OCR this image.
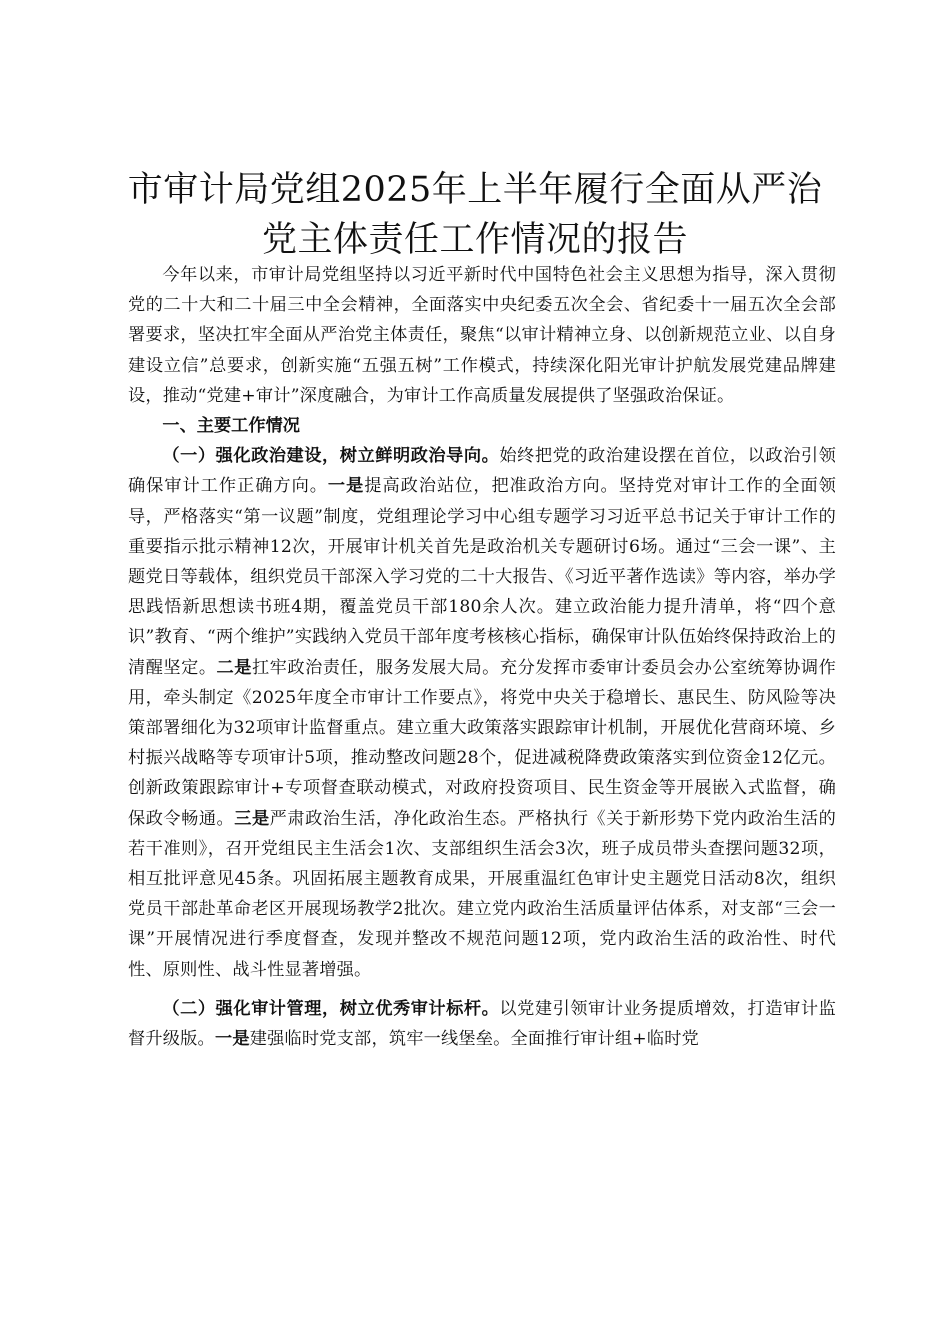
市审计局党组2025年上半年履行全面从严治
党主体责任工作情况的报告

今年以来，市审计局党组坚持以习近平新时代中国特色社会主义思想为指导，深入贯彻党的二十大和二十届三中全会精神，全面落实中央纪委五次全会、省纪委十一届五次全会部署要求，坚决扛牢全面从严治党主体责任，聚焦“以审计精神立身、以创新规范立业、以自身建设立信”总要求，创新实施“五强五树”工作模式，持续深化阳光审计护航发展党建品牌建设，推动“党建+审计”深度融合，为审计工作高质量发展提供了坚强政治保证。

一、主要工作情况

（一）强化政治建设，树立鲜明政治导向。始终把党的政治建设摆在首位，以政治引领确保审计工作正确方向。一是提高政治站位，把准政治方向。坚持党对审计工作的全面领导，严格落实“第一议题”制度，党组理论学习中心组专题学习习近平总书记关于审计工作的重要指示批示精神12次，开展审计机关首先是政治机关专题研讨6场。通过“三会一课”、主题党日等载体，组织党员干部深入学习党的二十大报告、《习近平著作选读》等内容，举办学思践悟新思想读书班4期，覆盖党员干部180余人次。建立政治能力提升清单，将“四个意识”教育、“两个维护”实践纳入党员干部年度考核核心指标，确保审计队伍始终保持政治上的清醒坚定。二是扛牢政治责任，服务发展大局。充分发挥市委审计委员会办公室统筹协调作用，牵头制定《2025年度全市审计工作要点》，将党中央关于稳增长、惠民生、防风险等决策部署细化为32项审计监督重点。建立重大政策落实跟踪审计机制，开展优化营商环境、乡村振兴战略等专项审计5项，推动整改问题28个，促进减税降费政策落实到位资金12亿元。创新政策跟踪审计+专项督查联动模式，对政府投资项目、民生资金等开展嵌入式监督，确保政令畅通。三是严肃政治生活，净化政治生态。严格执行《关于新形势下党内政治生活的若干准则》，召开党组民主生活会1次、支部组织生活会3次，班子成员带头查摆问题32项，相互批评意见45条。巩固拓展主题教育成果，开展重温红色审计史主题党日活动8次，组织党员干部赴革命老区开展现场教学2批次。建立党内政治生活质量评估体系，对支部“三会一课”开展情况进行季度督查，发现并整改不规范问题12项，党内政治生活的政治性、时代性、原则性、战斗性显著增强。

（二）强化审计管理，树立优秀审计标杆。以党建引领审计业务提质增效，打造审计监督升级版。一是建强临时党支部，筑牢一线堡垒。全面推行审计组+临时党
